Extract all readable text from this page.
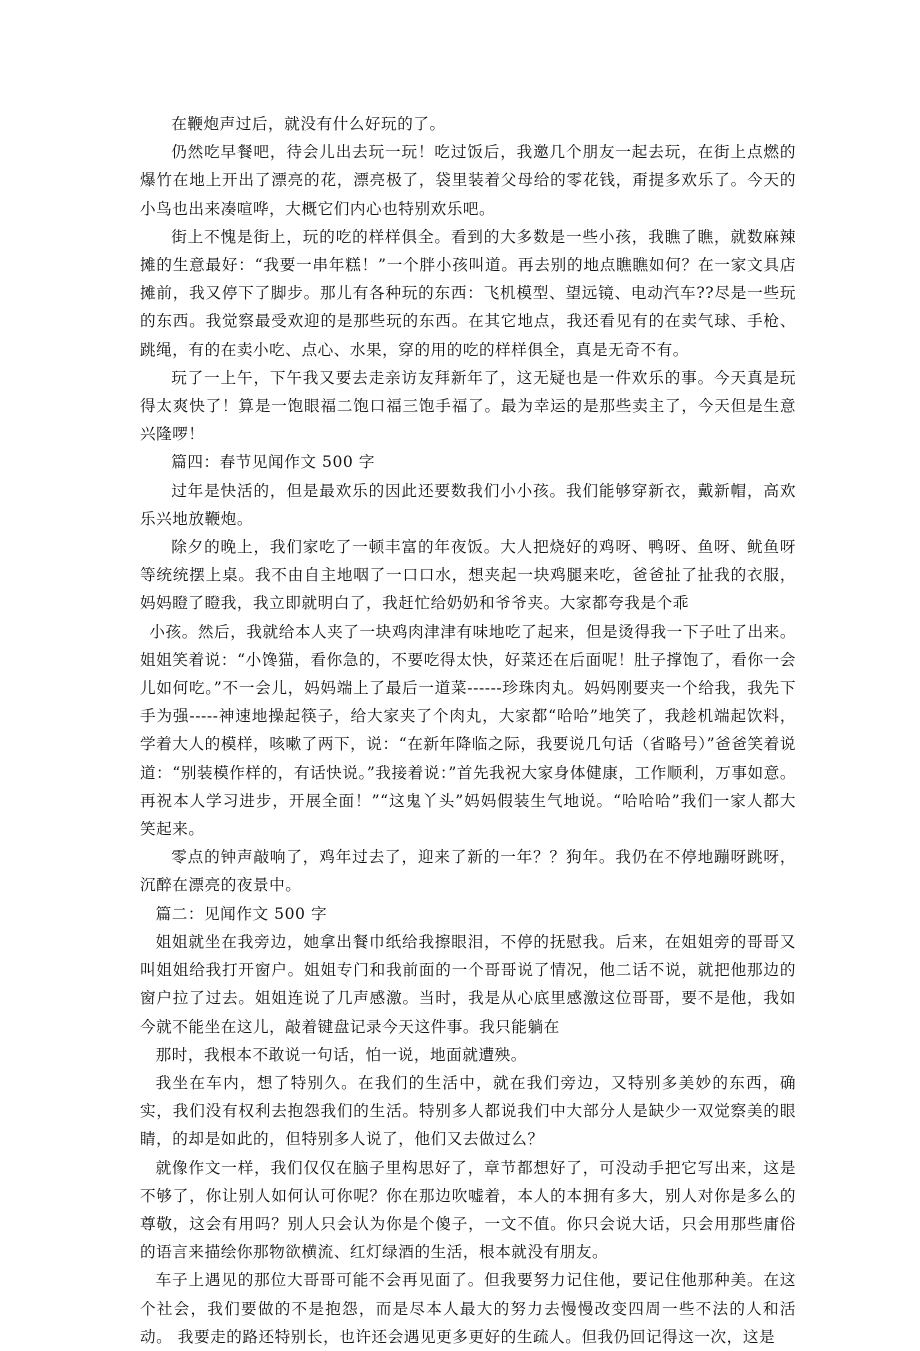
在鞭炮声过后，就没有什么好玩的了。

仍然吃早餐吧，待会儿出去玩一玩！吃过饭后，我邀几个朋友一起去玩，在街上点燃的爆竹在地上开出了漂亮的花，漂亮极了，袋里装着父母给的零花钱，甭提多欢乐了。今天的小鸟也出来凑喧哗，大概它们内心也特别欢乐吧。

街上不愧是街上，玩的吃的样样俱全。看到的大多数是一些小孩，我瞧了瞧，就数麻辣摊的生意最好：“我要一串年糕！”一个胖小孩叫道。再去别的地点瞧瞧如何？在一家文具店摊前，我又停下了脚步。那儿有各种玩的东西：飞机模型、望远镜、电动汽车??尽是一些玩的东西。我觉察最受欢迎的是那些玩的东西。在其它地点，我还看见有的在卖气球、手枪、跳绳，有的在卖小吃、点心、水果，穿的用的吃的样样俱全，真是无奇不有。

玩了一上午，下午我又要去走亲访友拜新年了，这无疑也是一件欢乐的事。今天真是玩得太爽快了！算是一饱眼福二饱口福三饱手福了。最为幸运的是那些卖主了，今天但是生意兴隆啰！

篇四：春节见闻作文 500 字

过年是快活的，但是最欢乐的因此还要数我们小小孩。我们能够穿新衣，戴新帽，高欢乐兴地放鞭炮。

除夕的晚上，我们家吃了一顿丰富的年夜饭。大人把烧好的鸡呀、鸭呀、鱼呀、鱿鱼呀等统统摆上桌。我不由自主地咽了一口口水，想夹起一块鸡腿来吃，爸爸扯了扯我的衣服，妈妈瞪了瞪我，我立即就明白了，我赶忙给奶奶和爷爷夹。大家都夸我是个乖

小孩。然后，我就给本人夹了一块鸡肉津津有味地吃了起来，但是烫得我一下子吐了出来。姐姐笑着说：“小馋猫，看你急的，不要吃得太快，好菜还在后面呢！肚子撑饱了，看你一会儿如何吃。”不一会儿，妈妈端上了最后一道菜------珍珠肉丸。妈妈刚要夹一个给我，我先下手为强-----神速地操起筷子，给大家夹了个肉丸，大家都“哈哈”地笑了，我趁机端起饮料，学着大人的模样，咳嗽了两下，说：“在新年降临之际，我要说几句话（省略号）”爸爸笑着说道：“别装模作样的，有话快说。”我接着说：”首先我祝大家身体健康，工作顺利，万事如意。再祝本人学习进步，开展全面！”“这鬼丫头”妈妈假装生气地说。“哈哈哈”我们一家人都大笑起来。

零点的钟声敲响了，鸡年过去了，迎来了新的一年？？狗年。我仍在不停地蹦呀跳呀，沉醉在漂亮的夜景中。

篇二：见闻作文 500 字

姐姐就坐在我旁边，她拿出餐巾纸给我擦眼泪，不停的抚慰我。后来，在姐姐旁的哥哥又叫姐姐给我打开窗户。姐姐专门和我前面的一个哥哥说了情况，他二话不说，就把他那边的窗户拉了过去。姐姐连说了几声感激。当时，我是从心底里感激这位哥哥，要不是他，我如今就不能坐在这儿，敲着键盘记录今天这件事。我只能躺在

那时，我根本不敢说一句话，怕一说，地面就遭殃。

我坐在车内，想了特别久。在我们的生活中，就在我们旁边，又特别多美妙的东西，确实，我们没有权利去抱怨我们的生活。特别多人都说我们中大部分人是缺少一双觉察美的眼睛，的却是如此的，但特别多人说了，他们又去做过么？

就像作文一样，我们仅仅在脑子里构思好了，章节都想好了，可没动手把它写出来，这是不够了，你让别人如何认可你呢？你在那边吹嘘着，本人的本拥有多大，别人对你是多么的尊敬，这会有用吗？别人只会认为你是个傻子，一文不值。你只会说大话，只会用那些庸俗的语言来描绘你那物欲横流、红灯绿酒的生活，根本就没有朋友。

车子上遇见的那位大哥哥可能不会再见面了。但我要努力记住他，要记住他那种美。在这个社会，我们要做的不是抱怨，而是尽本人最大的努力去慢慢改变四周一些不法的人和活动。 我要走的路还特别长，也许还会遇见更多更好的生疏人。但我仍回记得这一次，这是
